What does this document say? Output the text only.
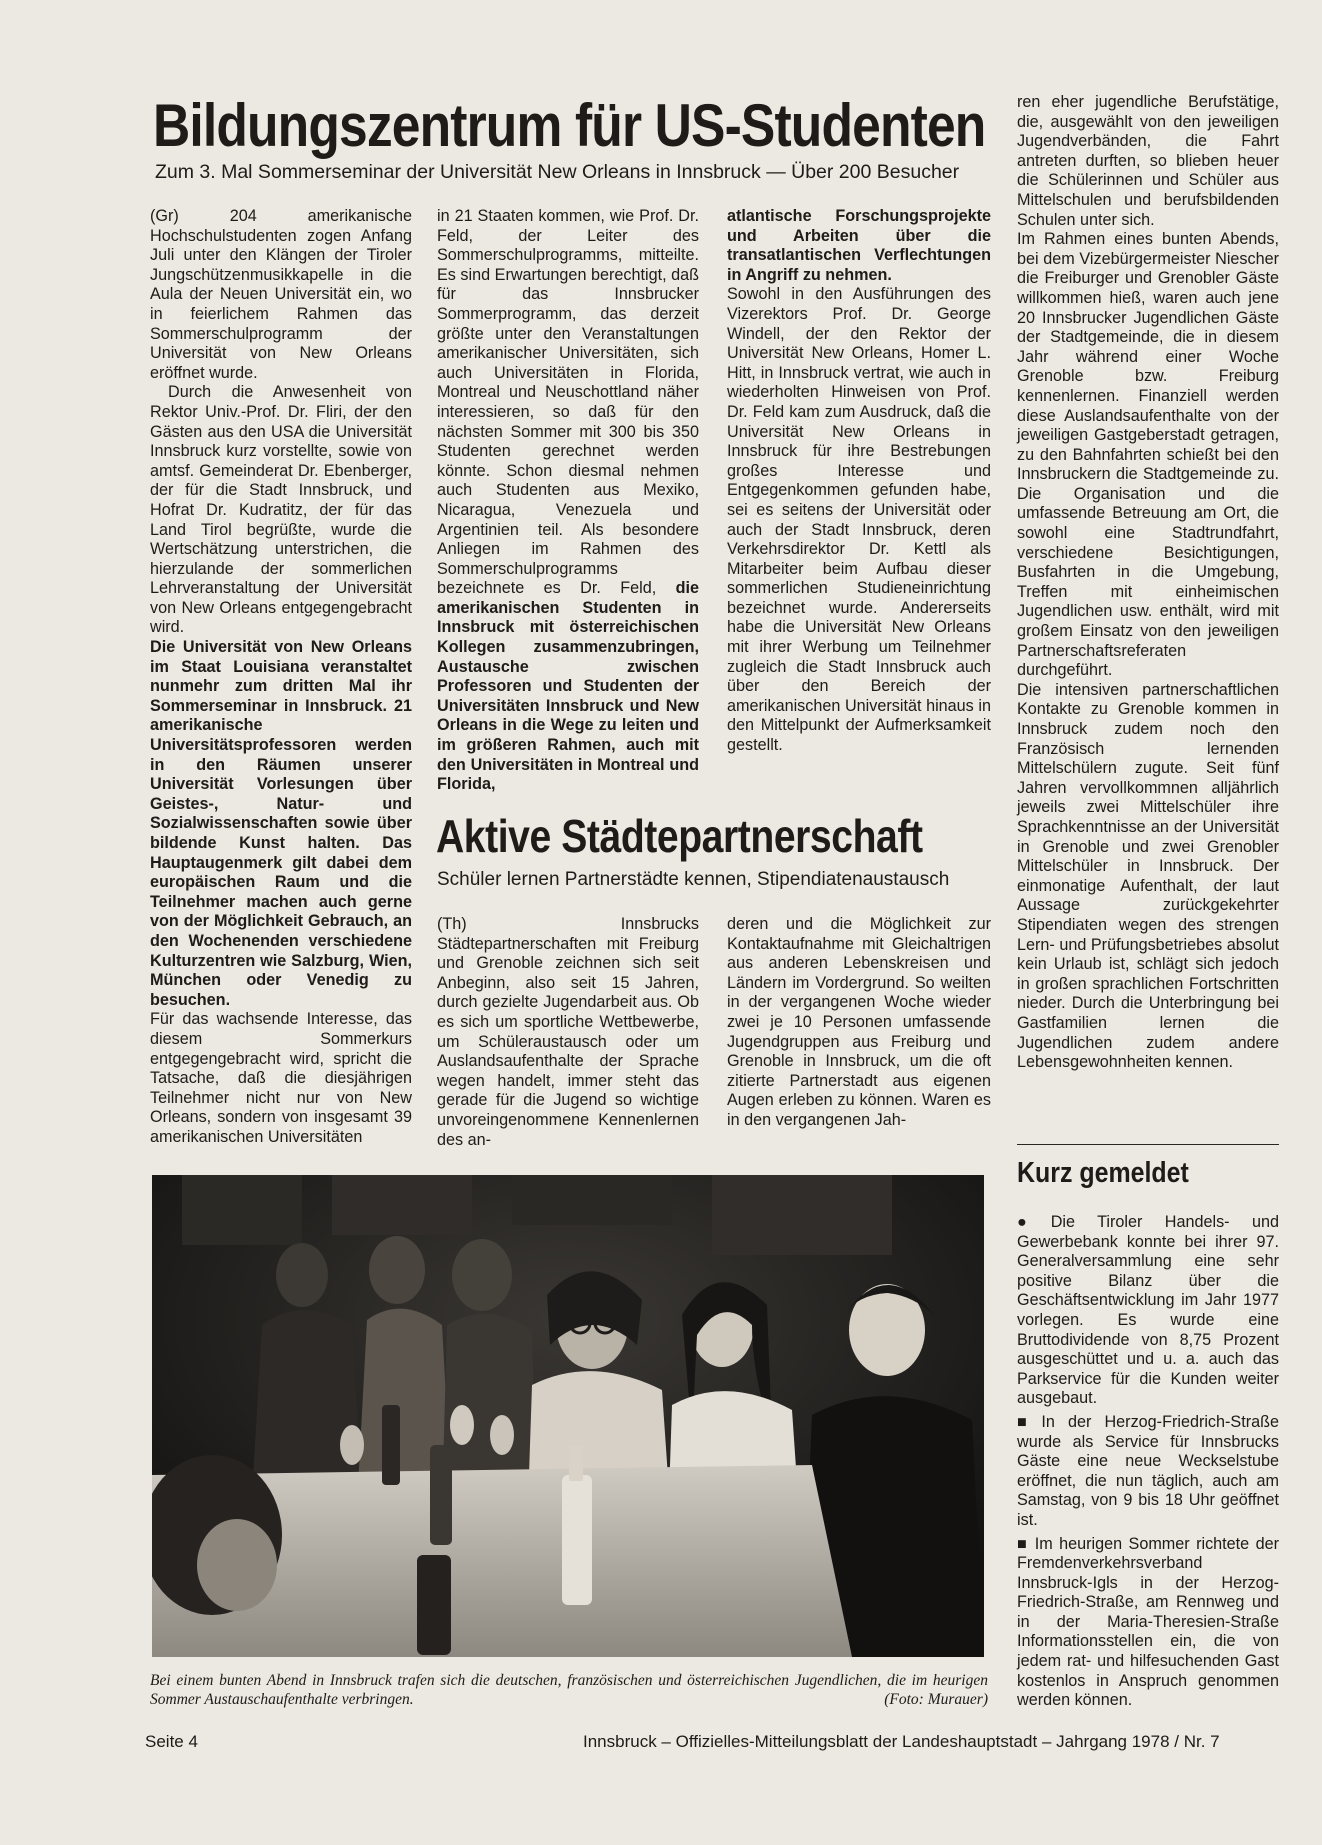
Bildungszentrum für US-Studenten
Zum 3. Mal Sommerseminar der Universität New Orleans in Innsbruck — Über 200 Besucher

(Gr) 204 amerikanische Hochschulstudenten zogen Anfang Juli unter den Klängen der Tiroler Jungschützenmusikkapelle in die Aula der Neuen Universität ein, wo in feierlichem Rahmen das Sommerschulprogramm der Universität von New Orleans eröffnet wurde.

Durch die Anwesenheit von Rektor Univ.-Prof. Dr. Fliri, der den Gästen aus den USA die Universität Innsbruck kurz vorstellte, sowie von amtsf. Gemeinderat Dr. Ebenberger, der für die Stadt Innsbruck, und Hofrat Dr. Kudratitz, der für das Land Tirol begrüßte, wurde die Wertschätzung unterstrichen, die hierzulande der sommerlichen Lehrveranstaltung der Universität von New Orleans entgegengebracht wird.

Die Universität von New Orleans im Staat Louisiana veranstaltet nunmehr zum dritten Mal ihr Sommerseminar in Innsbruck. 21 amerikanische Universitätsprofessoren werden in den Räumen unserer Universität Vorlesungen über Geistes-, Natur- und Sozialwissenschaften sowie über bildende Kunst halten. Das Hauptaugenmerk gilt dabei dem europäischen Raum und die Teilnehmer machen auch gerne von der Möglichkeit Gebrauch, an den Wochenenden verschiedene Kulturzentren wie Salzburg, Wien, München oder Venedig zu besuchen.

Für das wachsende Interesse, das diesem Sommerkurs entgegengebracht wird, spricht die Tatsache, daß die diesjährigen Teilnehmer nicht nur von New Orleans, sondern von insgesamt 39 amerikanischen Universitäten

in 21 Staaten kommen, wie Prof. Dr. Feld, der Leiter des Sommerschulprogramms, mitteilte. Es sind Erwartungen berechtigt, daß für das Innsbrucker Sommerprogramm, das derzeit größte unter den Veranstaltungen amerikanischer Universitäten, sich auch Universitäten in Florida, Montreal und Neuschottland näher interessieren, so daß für den nächsten Sommer mit 300 bis 350 Studenten gerechnet werden könnte. Schon diesmal nehmen auch Studenten aus Mexiko, Nicaragua, Venezuela und Argentinien teil. Als besondere Anliegen im Rahmen des Sommerschulprogramms bezeichnete es Dr. Feld, die amerikanischen Studenten in Innsbruck mit österreichischen Kollegen zusammenzubringen, Austausche zwischen Professoren und Studenten der Universitäten Innsbruck und New Orleans in die Wege zu leiten und im größeren Rahmen, auch mit den Universitäten in Montreal und Florida,

atlantische Forschungsprojekte und Arbeiten über die transatlantischen Verflechtungen in Angriff zu nehmen.

Sowohl in den Ausführungen des Vizerektors Prof. Dr. George Windell, der den Rektor der Universität New Orleans, Homer L. Hitt, in Innsbruck vertrat, wie auch in wiederholten Hinweisen von Prof. Dr. Feld kam zum Ausdruck, daß die Universität New Orleans in Innsbruck für ihre Bestrebungen großes Interesse und Entgegenkommen gefunden habe, sei es seitens der Universität oder auch der Stadt Innsbruck, deren Verkehrsdirektor Dr. Kettl als Mitarbeiter beim Aufbau dieser sommerlichen Studieneinrichtung bezeichnet wurde. Andererseits habe die Universität New Orleans mit ihrer Werbung um Teilnehmer zugleich die Stadt Innsbruck auch über den Bereich der amerikanischen Universität hinaus in den Mittelpunkt der Aufmerksamkeit gestellt.

Aktive Städtepartnerschaft
Schüler lernen Partnerstädte kennen, Stipendiatenaustausch

(Th) Innsbrucks Städtepartnerschaften mit Freiburg und Grenoble zeichnen sich seit Anbeginn, also seit 15 Jahren, durch gezielte Jugendarbeit aus. Ob es sich um sportliche Wettbewerbe, um Schüleraustausch oder um Auslandsaufenthalte der Sprache wegen handelt, immer steht das gerade für die Jugend so wichtige unvoreingenommene Kennenlernen des an-

deren und die Möglichkeit zur Kontaktaufnahme mit Gleichaltrigen aus anderen Lebenskreisen und Ländern im Vordergrund. So weilten in der vergangenen Woche wieder zwei je 10 Personen umfassende Jugendgruppen aus Freiburg und Grenoble in Innsbruck, um die oft zitierte Partnerstadt aus eigenen Augen erleben zu können. Waren es in den vergangenen Jah-

ren eher jugendliche Berufstätige, die, ausgewählt von den jeweiligen Jugendverbänden, die Fahrt antreten durften, so blieben heuer die Schülerinnen und Schüler aus Mittelschulen und berufsbildenden Schulen unter sich.

Im Rahmen eines bunten Abends, bei dem Vizebürgermeister Niescher die Freiburger und Grenobler Gäste willkommen hieß, waren auch jene 20 Innsbrucker Jugendlichen Gäste der Stadtgemeinde, die in diesem Jahr während einer Woche Grenoble bzw. Freiburg kennenlernen. Finanziell werden diese Auslandsaufenthalte von der jeweiligen Gastgeberstadt getragen, zu den Bahnfahrten schießt bei den Innsbruckern die Stadtgemeinde zu. Die Organisation und die umfassende Betreuung am Ort, die sowohl eine Stadtrundfahrt, verschiedene Besichtigungen, Busfahrten in die Umgebung, Treffen mit einheimischen Jugendlichen usw. enthält, wird mit großem Einsatz von den jeweiligen Partnerschaftsreferaten durchgeführt.

Die intensiven partnerschaftlichen Kontakte zu Grenoble kommen in Innsbruck zudem noch den Französisch lernenden Mittelschülern zugute. Seit fünf Jahren vervollkommnen alljährlich jeweils zwei Mittelschüler ihre Sprachkenntnisse an der Universität in Grenoble und zwei Grenobler Mittelschüler in Innsbruck. Der einmonatige Aufenthalt, der laut Aussage zurückgekehrter Stipendiaten wegen des strengen Lern- und Prüfungsbetriebes absolut kein Urlaub ist, schlägt sich jedoch in großen sprachlichen Fortschritten nieder. Durch die Unterbringung bei Gastfamilien lernen die Jugendlichen zudem andere Lebensgewohnheiten kennen.

Kurz gemeldet

● Die Tiroler Handels- und Gewerbebank konnte bei ihrer 97. Generalversammlung eine sehr positive Bilanz über die Geschäftsentwicklung im Jahr 1977 vorlegen. Es wurde eine Bruttodividende von 8,75 Prozent ausgeschüttet und u. a. auch das Parkservice für die Kunden weiter ausgebaut.

■ In der Herzog-Friedrich-Straße wurde als Service für Innsbrucks Gäste eine neue Weckselstube eröffnet, die nun täglich, auch am Samstag, von 9 bis 18 Uhr geöffnet ist.

■ Im heurigen Sommer richtete der Fremdenverkehrsverband Innsbruck-Igls in der Herzog-Friedrich-Straße, am Rennweg und in der Maria-Theresien-Straße Informationsstellen ein, die von jedem rat- und hilfesuchenden Gast kostenlos in Anspruch genommen werden können.

Bei einem bunten Abend in Innsbruck trafen sich die deutschen, französischen und österreichischen Jugendlichen, die im heurigen Sommer Austauschaufenthalte verbringen.	(Foto: Murauer)
Seite 4	Innsbruck – Offizielles-Mitteilungsblatt der Landeshauptstadt – Jahrgang 1978 / Nr. 7
